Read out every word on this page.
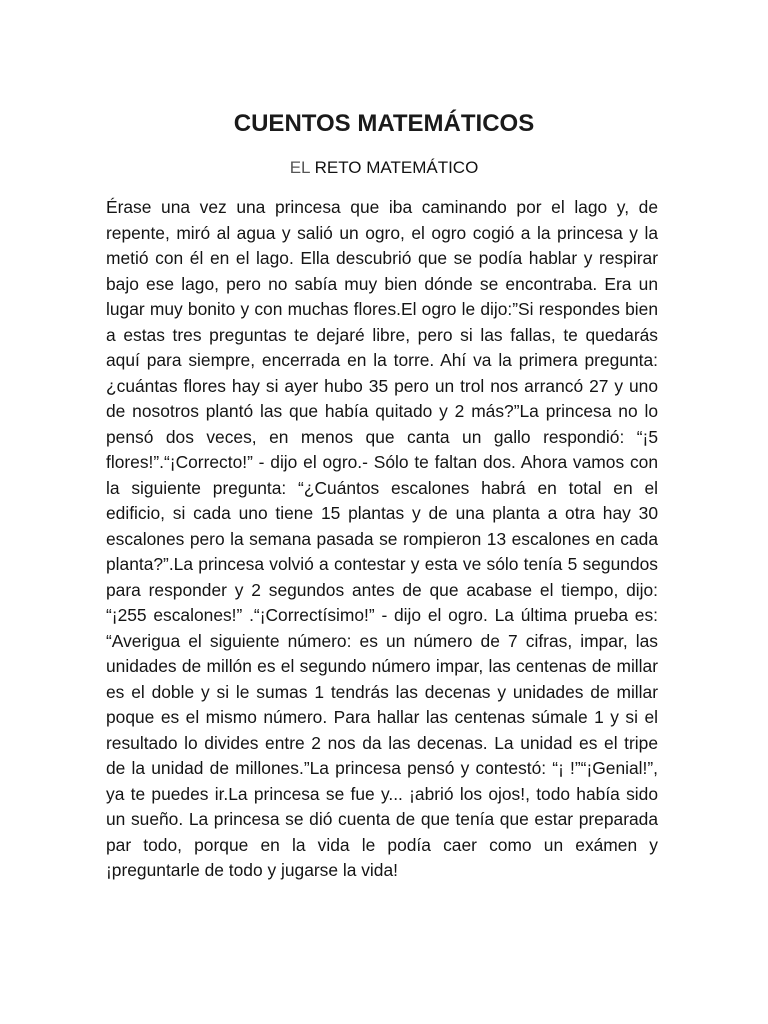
CUENTOS MATEMÁTICOS

EL RETO MATEMÁTICO

Érase una vez una princesa que iba caminando por el lago y, de repente, miró al agua y salió un ogro, el ogro cogió a la princesa y la metió con él en el lago. Ella descubrió que se podía hablar y respirar bajo ese lago, pero no sabía muy bien dónde se encontraba. Era un lugar muy bonito y con muchas flores.El ogro le dijo:”Si respondes bien a estas tres preguntas te dejaré libre, pero si las fallas, te quedarás aquí para siempre, encerrada en la torre. Ahí va la primera pregunta: ¿cuántas flores hay si ayer hubo 35 pero un trol nos arrancó 27 y uno de nosotros plantó las que había quitado y 2 más?”La princesa no lo pensó dos veces, en menos que canta un gallo respondió: “¡5 flores!”.“¡Correcto!” - dijo el ogro.- Sólo te faltan dos. Ahora vamos con la siguiente pregunta: “¿Cuántos escalones habrá en total en el edificio, si cada uno tiene 15 plantas y de una planta a otra hay 30 escalones pero la semana pasada se rompieron 13 escalones en cada planta?”.La princesa volvió a contestar y esta ve sólo tenía 5 segundos para responder y 2 segundos antes de que acabase el tiempo, dijo: “¡255 escalones!” .“¡Correctísimo!” - dijo el ogro. La última prueba es: “Averigua el siguiente número: es un número de 7 cifras, impar, las unidades de millón es el segundo número impar, las centenas de millar es el doble y si le sumas 1 tendrás las decenas y unidades de millar poque es el mismo número. Para hallar las centenas súmale 1 y si el resultado lo divides entre 2 nos da las decenas. La unidad es el tripe de la unidad de millones.”La princesa pensó y contestó: “¡ !”“¡Genial!”, ya te puedes ir.La princesa se fue y... ¡abrió los ojos!, todo había sido un sueño. La princesa se dió cuenta de que tenía que estar preparada par todo, porque en la vida le podía caer como un exámen y ¡preguntarle de todo y jugarse la vida!
